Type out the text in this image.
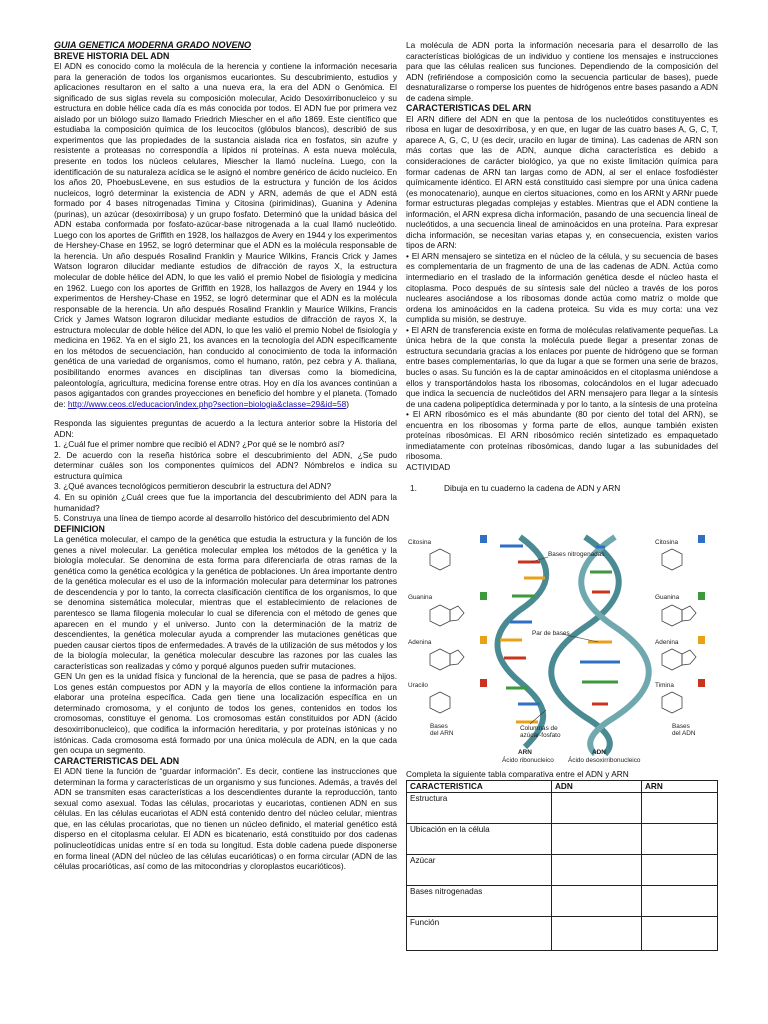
GUIA GENETICA MODERNA GRADO NOVENO

BREVE HISTORIA DEL ADN

El ADN es conocido como la molécula de la herencia y contiene la información necesaria para la generación de todos los organismos eucariontes. Su descubrimiento, estudios y aplicaciones resultaron en el salto a una nueva era, la era del ADN o Genómica. El significado de sus siglas revela su composición molecular, Acido Desoxirribonucleico y su estructura en doble hélice cada día es más conocida por todos. El ADN fue por primera vez aislado por un biólogo suizo llamado Friedrich Miescher en el año 1869. Este científico que estudiaba la composición química de los leucocitos (glóbulos blancos), describió de sus experimentos que las propiedades de la sustancia aislada rica en fosfatos, sin azufre y resistente a proteasas no correspondía a lípidos ni proteínas. A esta nueva molécula, presente en todos los núcleos celulares, Miescher la llamó nucleína. Luego, con la identificación de su naturaleza acídica se le asignó el nombre genérico de ácido nucleico. En los años 20, PhoebusLevene, en sus estudios de la estructura y función de los ácidos nucleicos, logró determinar la existencia de ADN y ARN, además de que el ADN está formado por 4 bases nitrogenadas Timina y Citosina (pirimidinas), Guanina y Adenina (purinas), un azúcar (desoxirribosa) y un grupo fosfato. Determinó que la unidad básica del ADN estaba conformada por fosfato-azúcar-base nitrogenada a la cual llamó nucleótido. Luego con los aportes de Griffith en 1928, los hallazgos de Avery en 1944 y los experimentos de Hershey-Chase en 1952, se logró determinar que el ADN es la molécula responsable de la herencia. Un año después Rosalind Franklin y Maurice Wilkins, Francis Crick y James Watson lograron dilucidar mediante estudios de difracción de rayos X, la estructura molecular de doble hélice del ADN, lo que les valió el premio Nobel de fisiología y medicina en 1962. Luego con los aportes de Griffith en 1928, los hallazgos de Avery en 1944 y los experimentos de Hershey-Chase en 1952, se logró determinar que el ADN es la molécula responsable de la herencia. Un año después Rosalind Franklin y Maurice Wilkins, Francis Crick y James Watson lograron dilucidar mediante estudios de difracción de rayos X, la estructura molecular de doble hélice del ADN, lo que les valió el premio Nobel de fisiología y medicina en 1962. Ya en el siglo 21, los avances en la tecnología del ADN específicamente en los métodos de secuenciación, han conducido al conocimiento de toda la información genética de una variedad de organismos, como el humano, ratón, pez cebra y A. thaliana, posibilitando enormes avances en disciplinas tan diversas como la biomedicina, paleontología, agricultura, medicina forense entre otras. Hoy en día los avances continúan a pasos agigantados con grandes proyecciones en beneficio del hombre y el planeta. (Tomado de: http://www.ceos.cl/educacion/index.php?section=biologia&classe=29&id=58)

Responda las siguientes preguntas de acuerdo a la lectura anterior sobre la Historia del ADN:

1. ¿Cuál fue el primer nombre que recibió el ADN? ¿Por qué se le nombró así?

2. De acuerdo con la reseña histórica sobre el descubrimiento del ADN, ¿Se pudo determinar cuáles son los componentes químicos del ADN? Nómbrelos e indica su estructura química

3. ¿Qué avances tecnológicos permitieron descubrir la estructura del ADN?

4. En su opinión ¿Cuál crees que fue la importancia del descubrimiento del ADN para la humanidad?

5. Construya una línea de tiempo acorde al desarrollo histórico del descubrimiento del ADN

DEFINICION

La genética molecular, el campo de la genética que estudia la estructura y la función de los genes a nivel molecular. La genética molecular emplea los métodos de la genética y la biología molecular. Se denomina de esta forma para diferenciarla de otras ramas de la genética como la genética ecológica y la genética de poblaciones. Un área importante dentro de la genética molecular es el uso de la información molecular para determinar los patrones de descendencia y por lo tanto, la correcta clasificación científica de los organismos, lo que se denomina sistemática molecular, mientras que el establecimiento de relaciones de parentesco se llama filogenia molecular lo cual se diferencia con el método de genes que aparecen en el mundo y el universo. Junto con la determinación de la matriz de descendientes, la genética molecular ayuda a comprender las mutaciones genéticas que pueden causar ciertos tipos de enfermedades. A través de la utilización de sus métodos y los de la biología molecular, la genética molecular descubre las razones por las cuales las características son realizadas y cómo y porqué algunos pueden sufrir mutaciones.

GEN Un gen es la unidad física y funcional de la herencia, que se pasa de padres a hijos. Los genes están compuestos por ADN y la mayoría de ellos contiene la información para elaborar una proteína específica. Cada gen tiene una localización específica en un determinado cromosoma, y el conjunto de todos los genes, contenidos en todos los cromosomas, constituye el genoma. Los cromosomas están constituidos por ADN (ácido desoxirribonucleico), que codifica la información hereditaria, y por proteínas istónicas y no istónicas. Cada cromosoma está formado por una única molécula de ADN, en la que cada gen ocupa un segmento.

CARACTERISTICAS DEL ADN

El ADN tiene la función de “guardar información”. Es decir, contiene las instrucciones que determinan la forma y características de un organismo y sus funciones. Además, a través del ADN se transmiten esas características a los descendientes durante la reproducción, tanto sexual como asexual. Todas las células, procariotas y eucariotas, contienen ADN en sus células. En las células eucariotas el ADN está contenido dentro del núcleo celular, mientras que, en las células procariotas, que no tienen un núcleo definido, el material genético está disperso en el citoplasma celular. El ADN es bicatenario, está constituido por dos cadenas polinucleotídicas unidas entre sí en toda su longitud. Esta doble cadena puede disponerse en forma lineal (ADN del núcleo de las células eucarióticas) o en forma circular (ADN de las células procarióticas, así como de las mitocondrias y cloroplastos eucarióticos).

La molécula de ADN porta la información necesaria para el desarrollo de las características biológicas de un individuo y contiene los mensajes e instrucciones para que las células realicen sus funciones. Dependiendo de la composición del ADN (refiriéndose a composición como la secuencia particular de bases), puede desnaturalizarse o romperse los puentes de hidrógenos entre bases pasando a ADN de cadena simple.

CARACTERISTICAS DEL ARN

El ARN difiere del ADN en que la pentosa de los nucleótidos constituyentes es ribosa en lugar de desoxirribosa, y en que, en lugar de las cuatro bases A, G, C, T, aparece A, G, C, U (es decir, uracilo en lugar de timina). Las cadenas de ARN son más cortas que las de ADN, aunque dicha característica es debido a consideraciones de carácter biológico, ya que no existe limitación química para formar cadenas de ARN tan largas como de ADN, al ser el enlace fosfodiéster químicamente idéntico. El ARN está constituido casi siempre por una única cadena (es monocatenario), aunque en ciertos situaciones, como en los ARNt y ARNr puede formar estructuras plegadas complejas y estables. Mientras que el ADN contiene la información, el ARN expresa dicha información, pasando de una secuencia lineal de nucleótidos, a una secuencia lineal de aminoácidos en una proteína. Para expresar dicha información, se necesitan varias etapas y, en consecuencia, existen varios tipos de ARN:

• El ARN mensajero se sintetiza en el núcleo de la célula, y su secuencia de bases es complementaria de un fragmento de una de las cadenas de ADN. Actúa como intermediario en el traslado de la información genética desde el núcleo hasta el citoplasma. Poco después de su síntesis sale del núcleo a través de los poros nucleares asociándose a los ribosomas donde actúa como matriz o molde que ordena los aminoácidos en la cadena proteica. Su vida es muy corta: una vez cumplida su misión, se destruye.

• El ARN de transferencia existe en forma de moléculas relativamente pequeñas. La única hebra de la que consta la molécula puede llegar a presentar zonas de estructura secundaria gracias a los enlaces por puente de hidrógeno que se forman entre bases complementarias, lo que da lugar a que se formen una serie de brazos, bucles o asas. Su función es la de captar aminoácidos en el citoplasma uniéndose a ellos y transportándolos hasta los ribosomas, colocándolos en el lugar adecuado que indica la secuencia de nucleótidos del ARN mensajero para llegar a la síntesis de una cadena polipeptídica determinada y por lo tanto, a la síntesis de una proteína

• El ARN ribosómico es el más abundante (80 por ciento del total del ARN), se encuentra en los ribosomas y forma parte de ellos, aunque también existen proteínas ribosómicas. El ARN ribosómico recién sintetizado es empaquetado inmediatamente con proteínas ribosómicas, dando lugar a las subunidades del ribosoma.

ACTIVIDAD

1.	Dibuja en tu cuaderno la cadena de ADN y ARN
Citosina
Guanina
Adenina
Uracilo
Bases nitrogenadas
Par de bases
Columnas de
azúcar-fosfato
Citosina
Guanina
Adenina
Timina
Bases
del ARN
Bases
del ADN
ARN
Ácido ribonucleico
ADN
Ácido desoxirribonucleico
Completa la siguiente tabla comparativa entre el ADN y ARN
CARACTERISTICA	ADN	ARN
Estructura		
Ubicación en la célula		
Azúcar		
Bases nitrogenadas		
Función		
